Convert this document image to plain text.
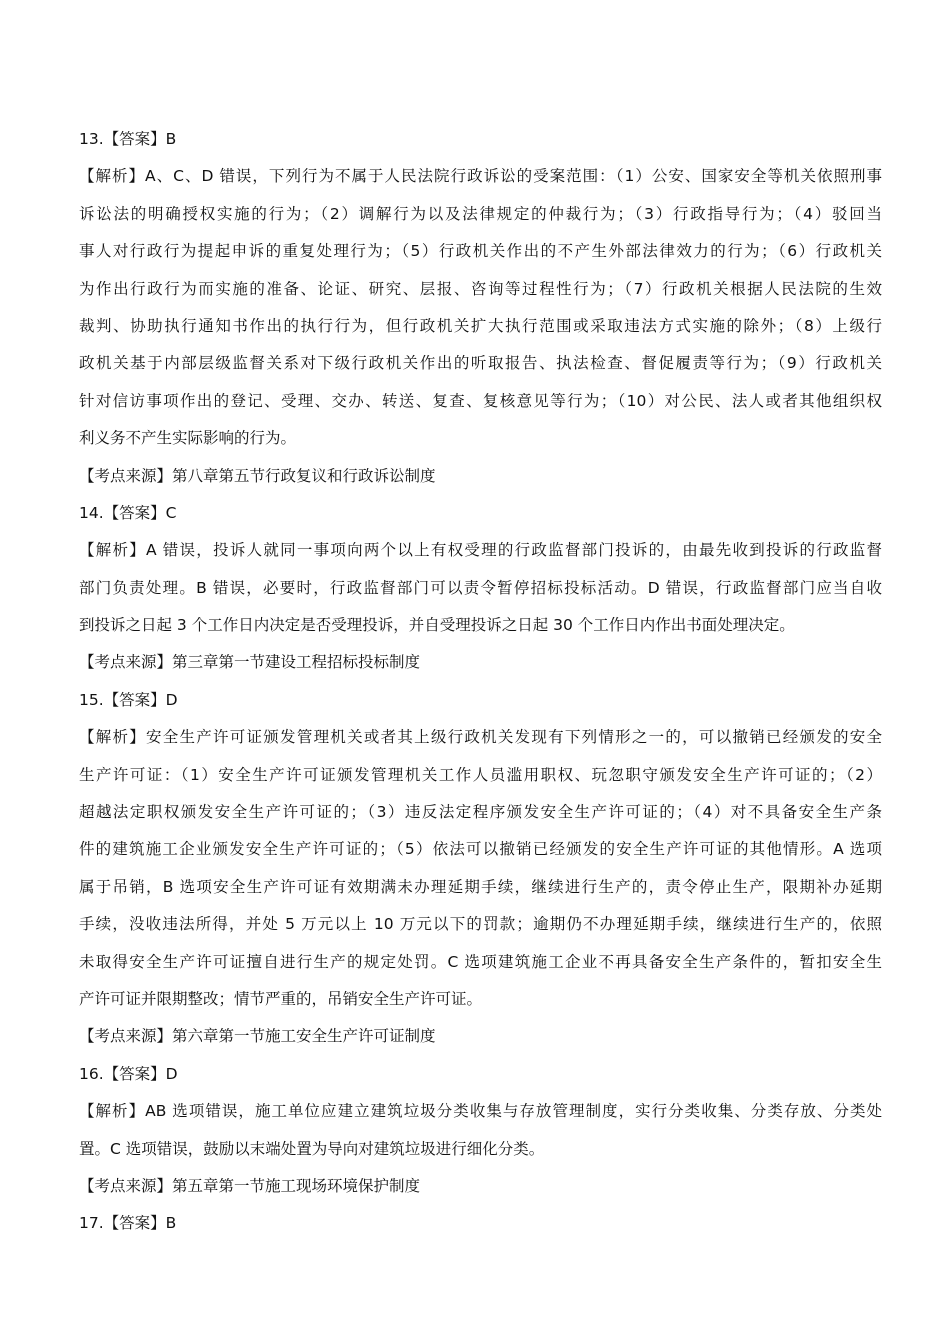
13.【答案】B
【解析】A、C、D 错误，下列行为不属于人民法院行政诉讼的受案范围：（1）公安、国家安全等机关依照刑事
诉讼法的明确授权实施的行为；（2）调解行为以及法律规定的仲裁行为；（3）行政指导行为；（4）驳回当
事人对行政行为提起申诉的重复处理行为；（5）行政机关作出的不产生外部法律效力的行为；（6）行政机关
为作出行政行为而实施的准备、论证、研究、层报、咨询等过程性行为；（7）行政机关根据人民法院的生效
裁判、协助执行通知书作出的执行行为，但行政机关扩大执行范围或采取违法方式实施的除外；（8）上级行
政机关基于内部层级监督关系对下级行政机关作出的听取报告、执法检查、督促履责等行为；（9）行政机关
针对信访事项作出的登记、受理、交办、转送、复查、复核意见等行为；（10）对公民、法人或者其他组织权
利义务不产生实际影响的行为。
【考点来源】第八章第五节行政复议和行政诉讼制度
14.【答案】C
【解析】A 错误，投诉人就同一事项向两个以上有权受理的行政监督部门投诉的，由最先收到投诉的行政监督
部门负责处理。B 错误，必要时，行政监督部门可以责令暂停招标投标活动。D 错误，行政监督部门应当自收
到投诉之日起 3 个工作日内决定是否受理投诉，并自受理投诉之日起 30 个工作日内作出书面处理决定。
【考点来源】第三章第一节建设工程招标投标制度
15.【答案】D
【解析】安全生产许可证颁发管理机关或者其上级行政机关发现有下列情形之一的，可以撤销已经颁发的安全
生产许可证：（1）安全生产许可证颁发管理机关工作人员滥用职权、玩忽职守颁发安全生产许可证的；（2）
超越法定职权颁发安全生产许可证的；（3）违反法定程序颁发安全生产许可证的；（4）对不具备安全生产条
件的建筑施工企业颁发安全生产许可证的；（5）依法可以撤销已经颁发的安全生产许可证的其他情形。A 选项
属于吊销，B 选项安全生产许可证有效期满未办理延期手续，继续进行生产的，责令停止生产，限期补办延期
手续，没收违法所得，并处 5 万元以上 10 万元以下的罚款；逾期仍不办理延期手续，继续进行生产的，依照
未取得安全生产许可证擅自进行生产的规定处罚。C 选项建筑施工企业不再具备安全生产条件的，暂扣安全生
产许可证并限期整改；情节严重的，吊销安全生产许可证。
【考点来源】第六章第一节施工安全生产许可证制度
16.【答案】D
【解析】AB 选项错误，施工单位应建立建筑垃圾分类收集与存放管理制度，实行分类收集、分类存放、分类处
置。C 选项错误，鼓励以末端处置为导向对建筑垃圾进行细化分类。
【考点来源】第五章第一节施工现场环境保护制度
17.【答案】B
